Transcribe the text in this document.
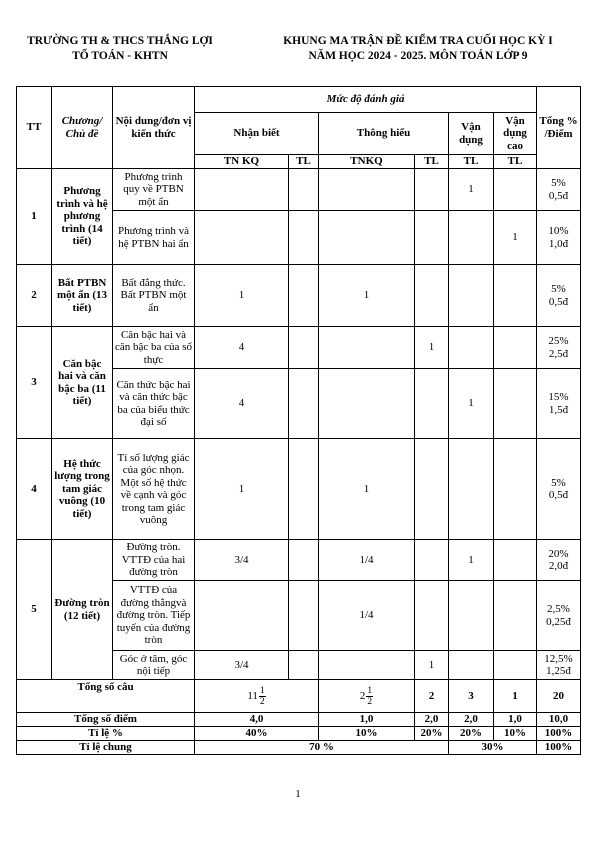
TRƯỜNG TH & THCS THẮNG LỢI
TỔ TOÁN - KHTN
KHUNG MA TRẬN ĐỀ KIỂM TRA CUỐI HỌC KỲ I
NĂM HỌC 2024 - 2025. MÔN TOÁN LỚP 9
TT	Chương/ Chủ đề	Nội dung/đơn vị kiến thức	Mức độ đánh giá						Tổng % /Điểm
			Nhận biết		Thông hiểu		Vận dụng	Vận dụng cao	
			TN KQ	TL	TNKQ	TL	TL	TL	
1	Phương trình và hệ phương trình (14 tiết)	Phương trình quy về PTBN một ẩn					1		5%
0,5đ

		Phương trình và hệ PTBN hai ẩn						1	10%
1,0đ

2	Bất PTBN một ẩn (13 tiết)	Bất đẳng thức. Bất PTBN một ẩn	1		1				5%
0,5đ

3	Căn bậc hai và căn bậc ba (11 tiết)	Căn bậc hai và căn bậc ba của số thực	4			1			25%
2,5đ

		Căn thức bậc hai và căn thức bậc ba của biểu thức đại số	4				1		15%
1,5đ

4	Hệ thức lượng trong tam giác vuông (10 tiết)	Tỉ số lượng giác của góc nhọn. Một số hệ thức về cạnh và góc trong tam giác vuông	1		1				5%
0,5đ

5	Đường tròn (12 tiết)	Đường tròn. VTTĐ của hai đường tròn	3/4		1/4		1		20%
2,0đ

		VTTĐ của đường thẳngvà đường tròn. Tiếp tuyến của đường tròn			1/4				2,5%
0,25đ

		Góc ở tâm, góc nội tiếp	3/4			1			12,5%
1,25đ

Tổng số câu			$11 \frac{1}{2}$		$2 \frac{1}{2}$	2	3	1	20
Tổng số điểm			4,0		1,0	2,0	2,0	1,0	10,0
Tỉ lệ %			40%		10%	20%	20%	10%	100%
Tỉ lệ chung			70 %				30%		100%
1
